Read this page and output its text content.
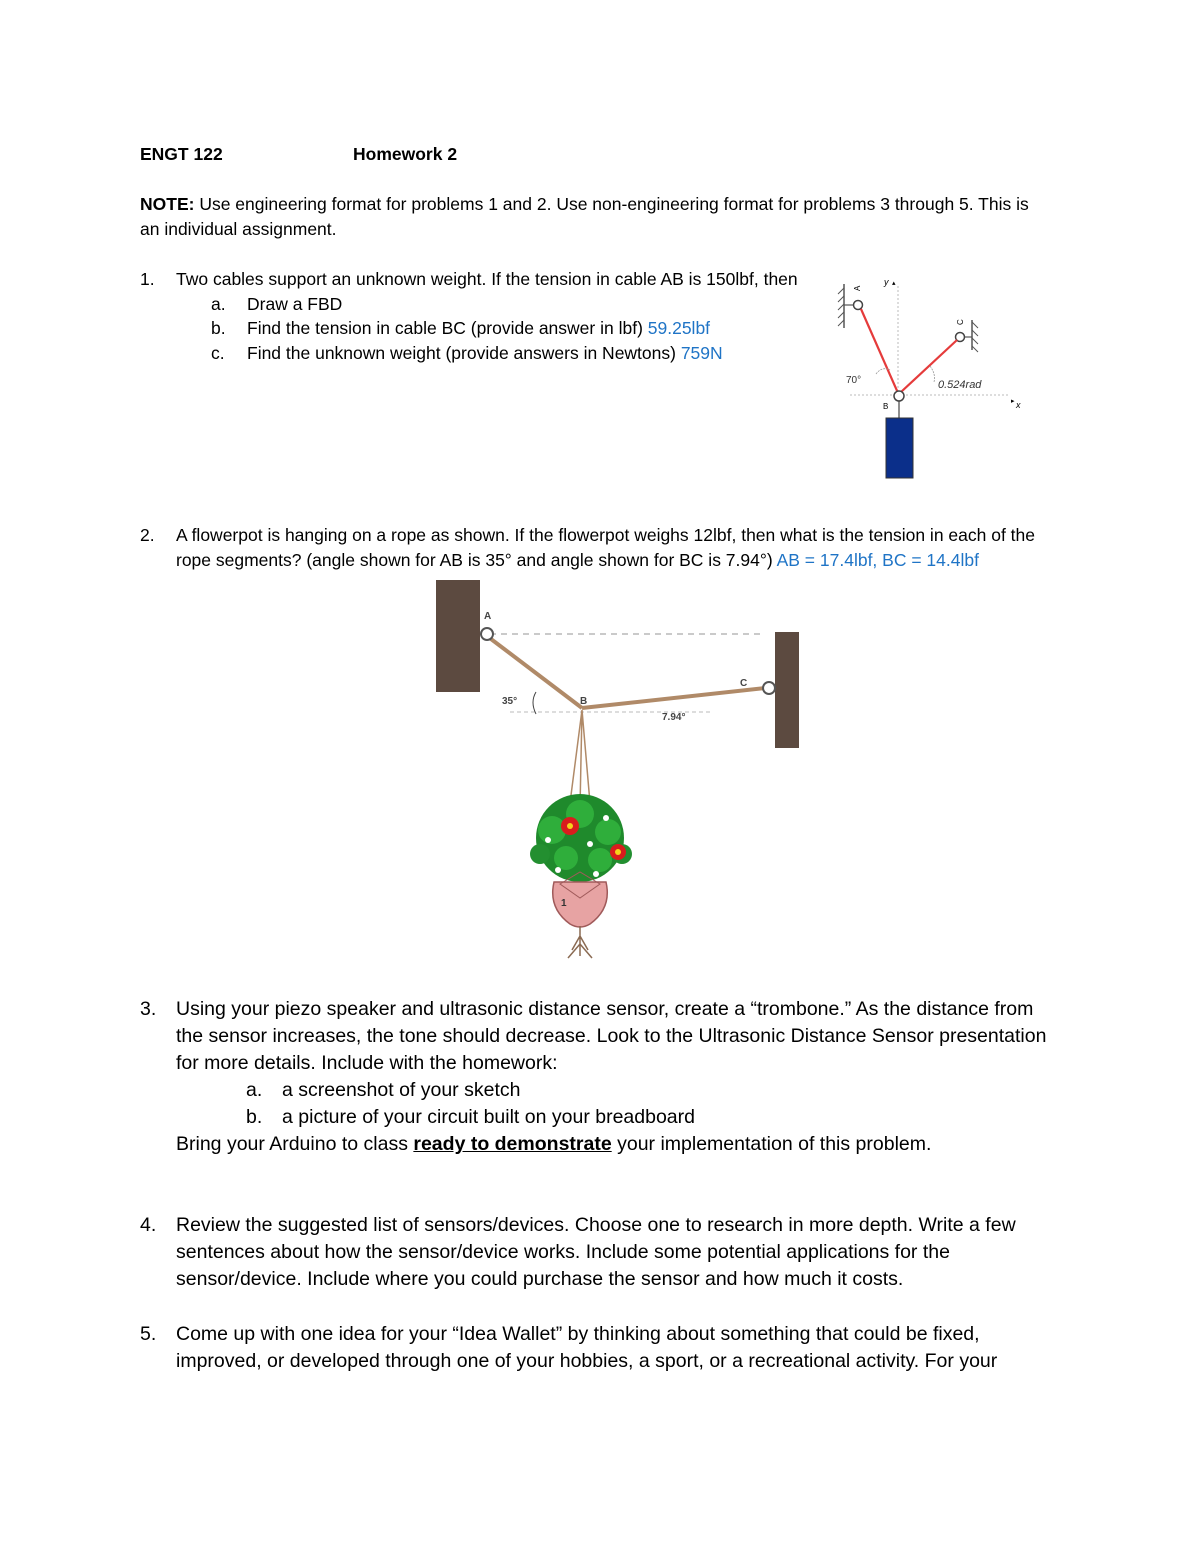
ENGT 122	Homework 2
NOTE: Use engineering format for problems 1 and 2. Use non-engineering format for problems 3 through 5. This is
an individual assignment.
1. Two cables support an unknown weight. If the tension in cable AB is 150lbf, then
a. Draw a FBD
b. Find the tension in cable BC (provide answer in lbf) 59.25lbf
c. Find the unknown weight (provide answers in Newtons) 759N
A
C
y ▴
▸ x
70°	0.524rad
B
2. A flowerpot is hanging on a rope as shown. If the flowerpot weighs 12lbf, then what is the tension in each of the
rope segments? (angle shown for AB is 35° and angle shown for BC is 7.94°) AB = 17.4lbf, BC = 14.4lbf
A
C
B
35°
7.94°
1
3. Using your piezo speaker and ultrasonic distance sensor, create a “trombone.” As the distance from
the sensor increases, the tone should decrease. Look to the Ultrasonic Distance Sensor presentation
for more details. Include with the homework:
a. a screenshot of your sketch
b. a picture of your circuit built on your breadboard
Bring your Arduino to class ready to demonstrate your implementation of this problem.
4. Review the suggested list of sensors/devices. Choose one to research in more depth. Write a few
sentences about how the sensor/device works. Include some potential applications for the
sensor/device. Include where you could purchase the sensor and how much it costs.
5. Come up with one idea for your “Idea Wallet” by thinking about something that could be fixed,
improved, or developed through one of your hobbies, a sport, or a recreational activity. For your
